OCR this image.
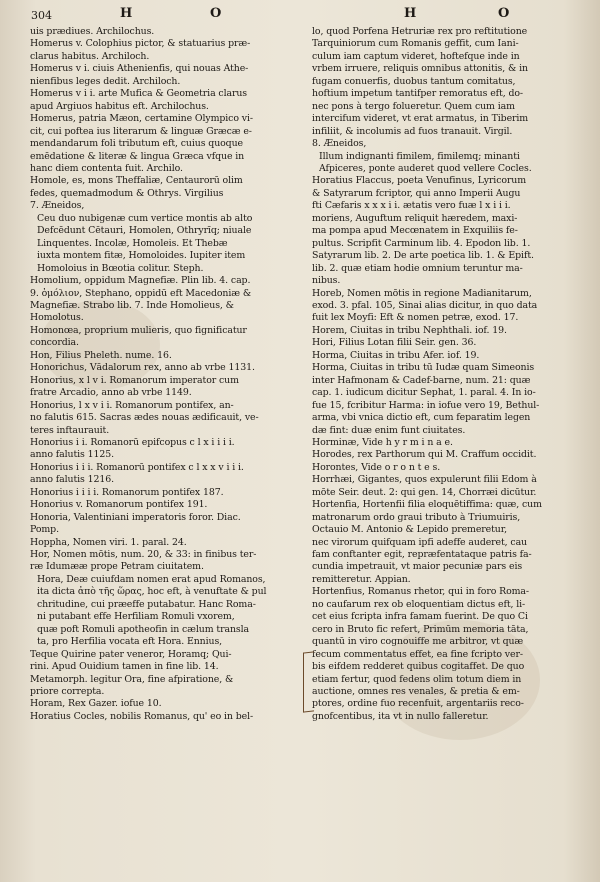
304	H	O	H	O
uis prædiues. Archilochus.
Homerus v. Colophius pictor, & statuarius præ-
clarus habitus. Archiloch.
Homerus v i. ciuis Athenienfis, qui nouas Athe-
nienfibus leges dedit. Archiloch.
Homerus v i i. arte Mufica & Geometria clarus
apud Argiuos habitus eft. Archilochus.
Homerus, patria Mæon, certamine Olympico vi-
cit, cui poftea ius literarum & linguæ Græcæ e-
mendandarum foli tributum eft, cuius quoque
emēdatione & literæ & lingua Græca vfque in
hanc diem contenta fuit. Archilo.
Homole, es, mons Theffaliæ, Centaurorū olim
fedes, quemadmodum & Othrys. Virgilius
7. Æneidos,
Ceu duo nubigenæ cum vertice montis ab alto
Defcēdunt Cētauri, Homolen, Othryrīq; niuale
Linquentes. Incolæ, Homoleis. Et Thebæ
iuxta montem fitæ, Homoloides. Iupiter item
Homoloius in Bœotia colitur. Steph.
Homolium, oppidum Magnefiæ. Plin lib. 4. cap.
9. ὁμόλιον, Stephano, oppidū eft Macedoniæ &
Magnefiæ. Strabo lib. 7. Inde Homolieus, &
Homolotus.
Homonœa, proprium mulieris, quo fignificatur
concordia.
Hon, Filius Pheleth. nume. 16.
Honorichus, Vādalorum rex, anno ab vrbe 1131.
Honorius, x l v i. Romanorum imperator cum
fratre Arcadio, anno ab vrbe 1149.
Honorius, l x v i i. Romanorum pontifex, an-
no falutis 615. Sacras ædes nouas ædificauit, ve-
teres inftaurauit.
Honorius i i. Romanorū epifcopus c l x i i i i.
anno falutis 1125.
Honorius i i i. Romanorū pontifex c l x x v i i i.
anno falutis 1216.
Honorius i i i i. Romanorum pontifex 187.
Honorius v. Romanorum pontifex 191.
Honoria, Valentiniani imperatoris foror. Diac.
Pomp.
Hoppha, Nomen viri. 1. paral. 24.
Hor, Nomen mōtis, num. 20, & 33: in finibus ter-
ræ Idumææ prope Petram ciuitatem.
Hora, Deæ cuiufdam nomen erat apud Romanos,
ita dicta ἀπὸ τῆς ὥρας, hoc eft, à venuftate & pul
chritudine, cui præeffe putabatur. Hanc Roma-
ni putabant effe Herfiliam Romuli vxorem,
quæ poft Romuli apotheofin in cælum transla
ta, pro Herfilia vocata eft Hora. Ennius,
Teque Quirine pater veneror, Horamq; Qui-
rini. Apud Ouidium tamen in fine lib. 14.
Metamorph. legitur Ora, fine afpiratione, &
priore correpta.
Horam, Rex Gazer. iofue 10.
Horatius Cocles, nobilis Romanus, qu' eo in bel-
lo, quod Porfena Hetruriæ rex pro reftitutione
Tarquiniorum cum Romanis geffit, cum Iani-
culum iam captum videret, hoftefque inde in
vrbem irruere, reliquis omnibus attonitis, & in
fugam conuerfis, duobus tantum comitatus,
hoftium impetum tantifper remoratus eft, do-
nec pons à tergo folueretur. Quem cum iam
intercifum videret, vt erat armatus, in Tiberim
infiliit, & incolumis ad fuos tranauit. Virgil.
8. Æneidos,
Illum indignanti fimilem, fimilemq; minanti
Afpiceres, ponte auderet quod vellere Cocles.
Horatius Flaccus, poeta Venufinus, Lyricorum
& Satyrarum fcriptor, qui anno Imperii Augu
fti Cæfaris x x x i i. ætatis vero fuæ l x i i i.
moriens, Auguftum reliquit hæredem, maxi-
ma pompa apud Mecœnatem in Exquiliis fe-
pultus. Scripfit Carminum lib. 4. Epodon lib. 1.
Satyrarum lib. 2. De arte poetica lib. 1. & Epift.
lib. 2. quæ etiam hodie omnium teruntur ma-
nibus.
Horeb, Nomen mōtis in regione Madianitarum,
exod. 3. pfal. 105, Sinai alias dicitur, in quo data
fuit lex Moyfi: Eft & nomen petræ, exod. 17.
Horem, Ciuitas in tribu Nephthali. iof. 19.
Hori, Filius Lotan filii Seir. gen. 36.
Horma, Ciuitas in tribu Afer. iof. 19.
Horma, Ciuitas in tribu tū Iudæ quam Simeonis
inter Hafmonam & Cadef-barne, num. 21: quæ
cap. 1. iudicum dicitur Sephat, 1. paral. 4. In io-
fue 15, fcribitur Harma: in iofue vero 19, Bethul-
arma, vbi vnica dictio eft, cum feparatim legen
dæ fint: duæ enim funt ciuitates.
Horminæ, Vide h y r m i n a e.
Horodes, rex Parthorum qui M. Craffum occidit.
Horontes, Vide o r o n t e s.
Horrhæi, Gigantes, quos expulerunt filii Edom à
mōte Seir. deut. 2: qui gen. 14, Chorræi dicūtur.
Hortenfia, Hortenfii filia eloquētiffima: quæ, cum
matronarum ordo graui tributo à Triumuiris,
Octauio M. Antonio & Lepido premeretur,
nec virorum quifquam ipfi adeffe auderet, cau
fam conftanter egit, repræfentataque patris fa-
cundia impetrauit, vt maior pecuniæ pars eis
remitteretur. Appian.
Hortenfius, Romanus rhetor, qui in foro Roma-
no caufarum rex ob eloquentiam dictus eft, li-
cet eius fcripta infra famam fuerint. De quo Ci
cero in Bruto fic refert, Primūm memoria tāta,
quantū in viro cognouiffe me arbitror, vt quæ
fecum commentatus effet, ea fine fcripto ver-
bis eifdem redderet quibus cogitaffet. De quo
etiam fertur, quod fedens olim totum diem in
auctione, omnes res venales, & pretia & em-
ptores, ordine fuo recenfuit, argentariis reco-
gnofcentibus, ita vt in nullo falleretur.
